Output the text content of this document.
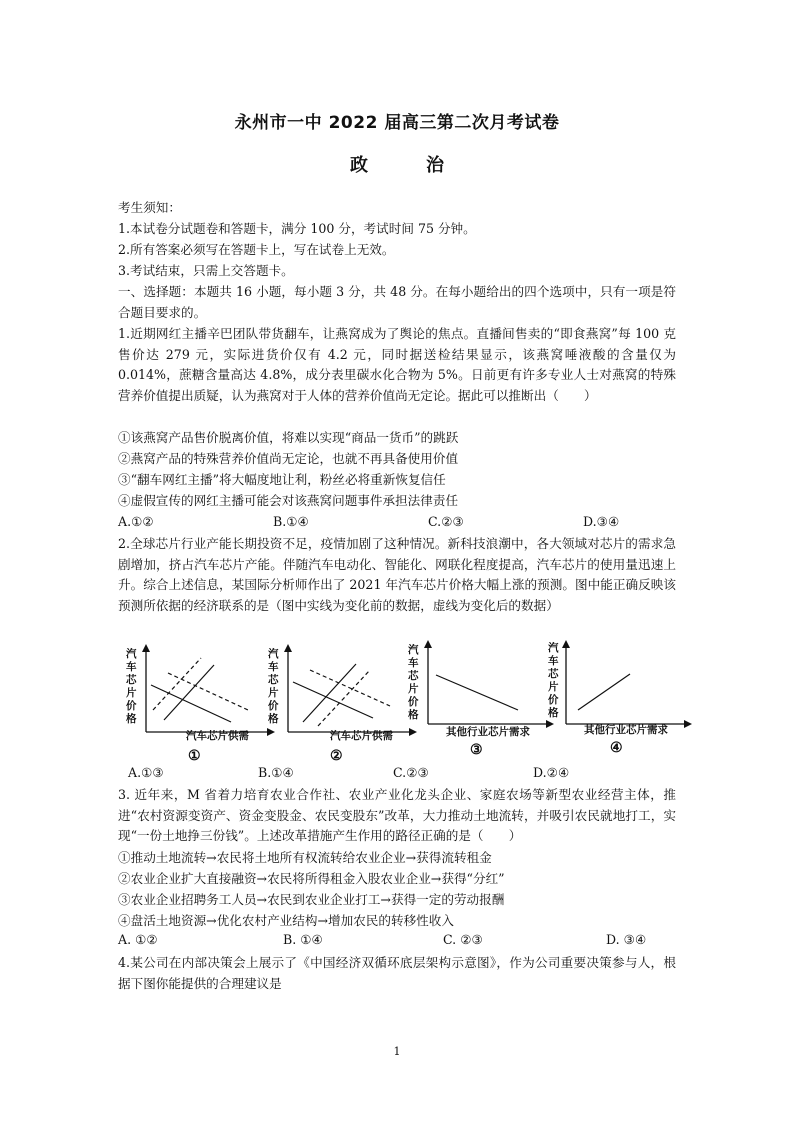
永州市一中 2022 届高三第二次月考试卷
政　治
考生须知：
1.本试卷分试题卷和答题卡，满分 100 分，考试时间 75 分钟。
2.所有答案必须写在答题卡上，写在试卷上无效。
3.考试结束，只需上交答题卡。
一、选择题：本题共 16 小题，每小题 3 分，共 48 分。在每小题给出的四个选项中，只有一项是符合题目要求的。
1.近期网红主播辛巴团队带货翻车，让燕窝成为了舆论的焦点。直播间售卖的“即食燕窝”每 100 克售价达 279 元，实际进货价仅有 4.2 元，同时据送检结果显示，该燕窝唾液酸的含量仅为 0.014%，蔗糖含量高达 4.8%，成分表里碳水化合物为 5%。日前更有许多专业人士对燕窝的特殊营养价值提出质疑，认为燕窝对于人体的营养价值尚无定论。据此可以推断出（　　）
①该燕窝产品售价脱离价值，将难以实现“商品一货币”的跳跃
②燕窝产品的特殊营养价值尚无定论，也就不再具备使用价值
③“翻车网红主播”将大幅度地让利，粉丝必将重新恢复信任
④虚假宣传的网红主播可能会对该燕窝问题事件承担法律责任
A.①②	B.①④	C.②③	D.③④
2.全球芯片行业产能长期投资不足，疫情加剧了这种情况。新科技浪潮中，各大领域对芯片的需求急剧增加，挤占汽车芯片产能。伴随汽车电动化、智能化、网联化程度提高，汽车芯片的使用量迅速上升。综合上述信息，某国际分析师作出了 2021 年汽车芯片价格大幅上涨的预测。图中能正确反映该预测所依据的经济联系的是（图中实线为变化前的数据，虚线为变化后的数据）
汽车芯片价格
汽车芯片供需
①
汽车芯片价格
汽车芯片供需
②
汽车芯片价格
其他行业芯片需求
③
汽车芯片价格
其他行业芯片需求
④
A.①③	B.①④	C.②③	D.②④
3. 近年来，M 省着力培育农业合作社、农业产业化龙头企业、家庭农场等新型农业经营主体，推进“农村资源变资产、资金变股金、农民变股东”改革，大力推动土地流转，并吸引农民就地打工，实现“一份土地挣三份钱”。上述改革措施产生作用的路径正确的是（　　）
①推动土地流转→农民将土地所有权流转给农业企业→获得流转租金
②农业企业扩大直接融资→农民将所得租金入股农业企业→获得“分红”
③农业企业招聘务工人员→农民到农业企业打工→获得一定的劳动报酬
④盘活土地资源→优化农村产业结构→增加农民的转移性收入
A. ①②	B. ①④	C. ②③	D. ③④
4.某公司在内部决策会上展示了《中国经济双循环底层架构示意图》，作为公司重要决策参与人，根据下图你能提供的合理建议是
1
